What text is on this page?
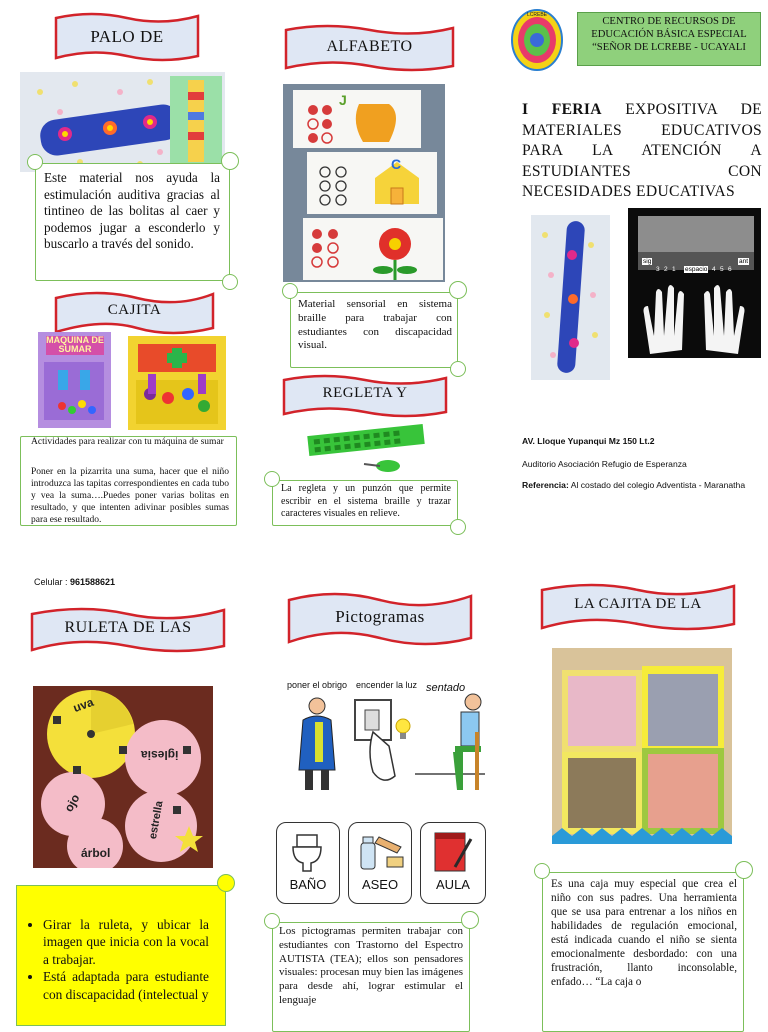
PALO DE
Este material nos ayuda la estimulación auditiva gracias al tintineo de las bolitas al caer y podemos jugar a esconderlo y buscarlo a través del sonido.
CAJITA
MAQUINA DE SUMAR
Actividades para realizar con tu máquina de sumar
Poner en la pizarrita una suma, hacer que el niño introduzca las tapitas correspondientes en cada tubo y vea la suma….Puedes poner varias bolitas en resultado, y que intenten adivinar posibles sumas para ese resultado.
Celular : 961588621
ALFABETO
J
C
Material sensorial en sistema braille para trabajar con estudiantes con discapacidad visual.
REGLETA Y
La regleta y un punzón que permite escribir en el sistema braille y trazar caracteres visuales en relieve.
LCREBE
CENTRO DE RECURSOS DE EDUCACIÓN BÁSICA ESPECIAL “SEÑOR DE LCREBE - UCAYALI
I FERIA EXPOSITIVA DE MATERIALES EDUCATIVOS PARA LA ATENCIÓN A ESTUDIANTES CON NECESIDADES EDUCATIVAS
sig
3 2 1 espacio 4 5 6
ant
AV. Lloque Yupanqui Mz 150 Lt.2
Auditorio Asociación Refugio de Esperanza
Referencia: Al costado del colegio Adventista - Maranatha
RULETA DE LAS
uva
iglesia
ojo	estrella
árbol
• Girar la ruleta, y ubicar la imagen que inicia con la vocal a trabajar.
• Está adaptada para estudiante con discapacidad (intelectual y
Pictogramas
poner el obrigo encender la luz sentado
BAÑO	ASEO	AULA
Los pictogramas permiten trabajar con estudiantes con Trastorno del Espectro AUTISTA (TEA); ellos son pensadores visuales: procesan muy bien las imágenes para desde ahí, lograr estimular el lenguaje
LA CAJITA DE LA
Es una caja muy especial que crea el niño con sus padres. Una herramienta que se usa para entrenar a los niños en habilidades de regulación emocional, está indicada cuando el niño se sienta emocionalmente desbordado: con una frustración, llanto inconsolable, enfado… “La caja o
